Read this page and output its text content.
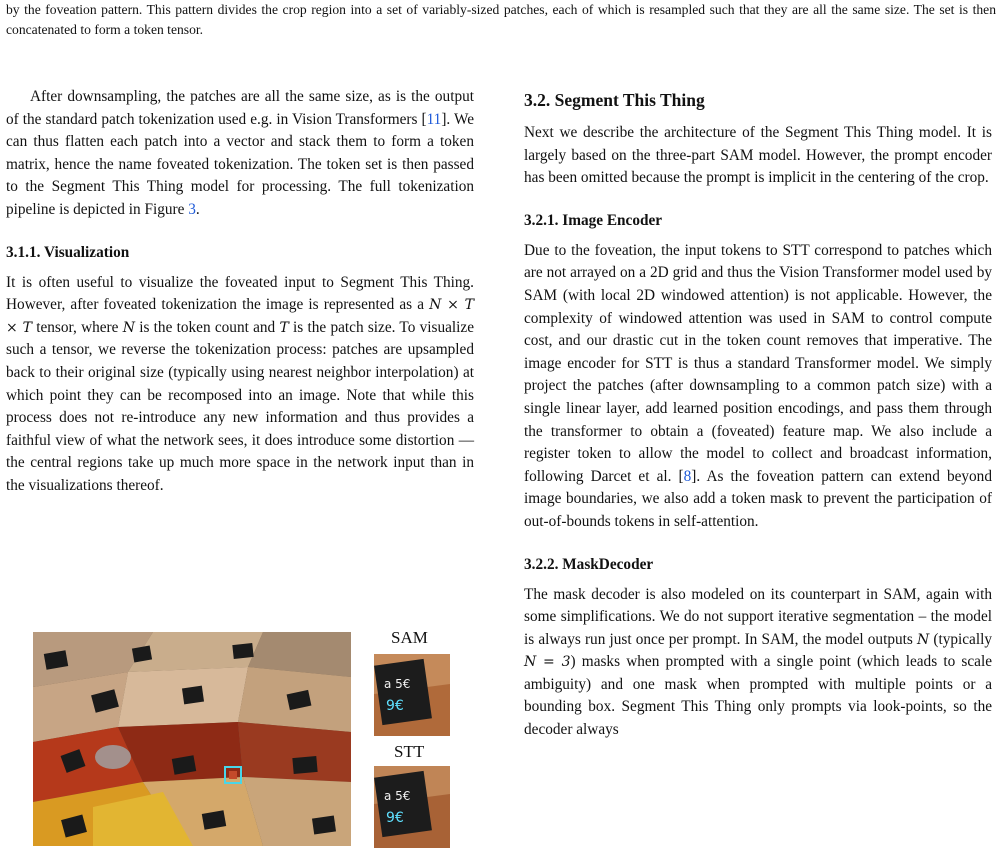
by the foveation pattern. This pattern divides the crop region into a set of variably-sized patches, each of which is resampled such that they are all the same size. The set is then concatenated to form a token tensor.

After downsampling, the patches are all the same size, as is the output of the standard patch tokenization used e.g. in Vision Transformers [11]. We can thus flatten each patch into a vector and stack them to form a token matrix, hence the name foveated tokenization. The token set is then passed to the Segment This Thing model for processing. The full tokenization pipeline is depicted in Figure 3.

3.1.1. Visualization

It is often useful to visualize the foveated input to Segment This Thing. However, after foveated tokenization the image is represented as a N × T × T tensor, where N is the token count and T is the patch size. To visualize such a tensor, we reverse the tokenization process: patches are upsampled back to their original size (typically using nearest neighbor interpolation) at which point they can be recomposed into an image. Note that while this process does not re-introduce any new information and thus provides a faithful view of what the network sees, it does introduce some distortion — the central regions take up much more space in the network input than in the visualizations thereof.

SAM
a 5€
9€
STT
a 5€
9€
3.2. Segment This Thing

Next we describe the architecture of the Segment This Thing model. It is largely based on the three-part SAM model. However, the prompt encoder has been omitted because the prompt is implicit in the centering of the crop.

3.2.1. Image Encoder

Due to the foveation, the input tokens to STT correspond to patches which are not arrayed on a 2D grid and thus the Vision Transformer model used by SAM (with local 2D windowed attention) is not applicable. However, the complexity of windowed attention was used in SAM to control compute cost, and our drastic cut in the token count removes that imperative. The image encoder for STT is thus a standard Transformer model. We simply project the patches (after downsampling to a common patch size) with a single linear layer, add learned position encodings, and pass them through the transformer to obtain a (foveated) feature map. We also include a register token to allow the model to collect and broadcast information, following Darcet et al. [8]. As the foveation pattern can extend beyond image boundaries, we also add a token mask to prevent the participation of out-of-bounds tokens in self-attention.

3.2.2. MaskDecoder

The mask decoder is also modeled on its counterpart in SAM, again with some simplifications. We do not support iterative segmentation – the model is always run just once per prompt. In SAM, the model outputs N (typically N = 3) masks when prompted with a single point (which leads to scale ambiguity) and one mask when prompted with multiple points or a bounding box. Segment This Thing only prompts via look-points, so the decoder always
